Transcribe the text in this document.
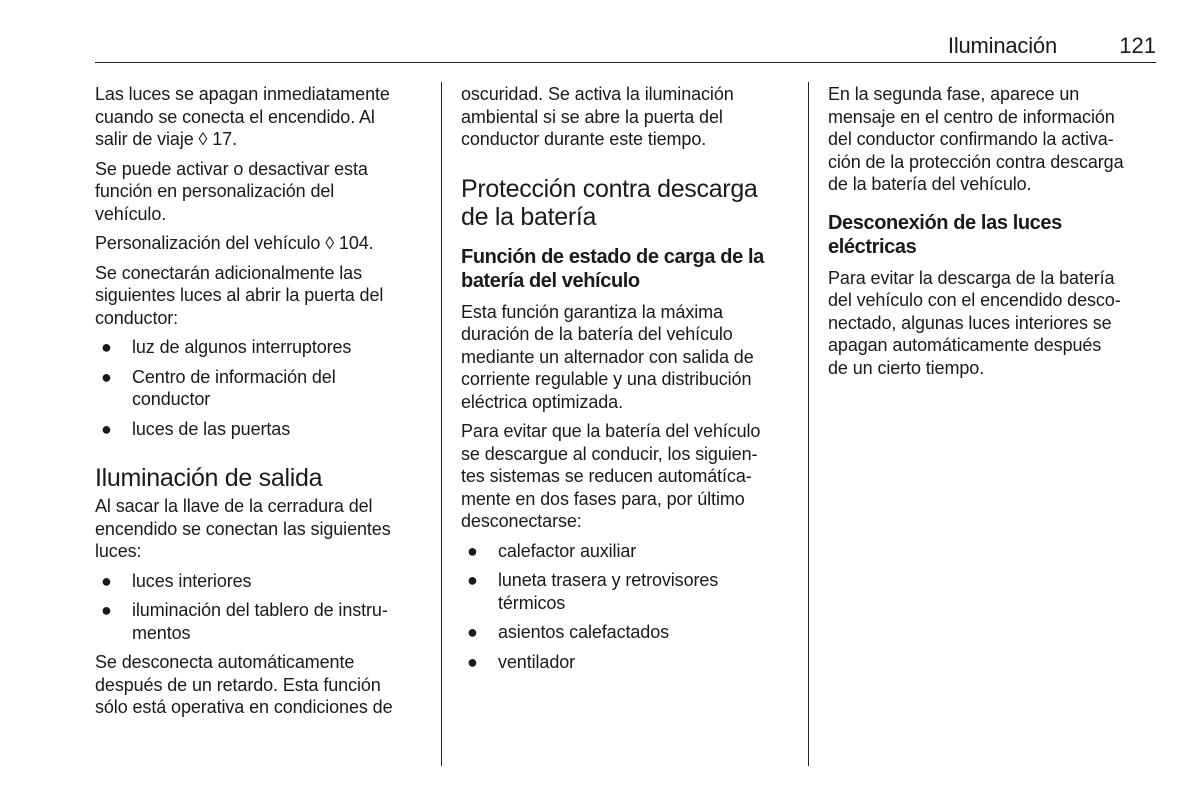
Iluminación	121

Las luces se apagan inmediatamente
cuando se conecta el encendido. Al
salir de viaje ◊ 17.

Se puede activar o desactivar esta
función en personalización del
vehículo.

Personalización del vehículo ◊ 104.

Se conectarán adicionalmente las
siguientes luces al abrir la puerta del
conductor:

● luz de algunos interruptores
● Centro de información del
conductor
● luces de las puertas
Iluminación de salida

Al sacar la llave de la cerradura del
encendido se conectan las siguientes
luces:

● luces interiores
● iluminación del tablero de instru-
mentos

Se desconecta automáticamente
después de un retardo. Esta función
sólo está operativa en condiciones de

oscuridad. Se activa la iluminación
ambiental si se abre la puerta del
conductor durante este tiempo.

Protección contra descarga
de la batería
Función de estado de carga de la
batería del vehículo

Esta función garantiza la máxima
duración de la batería del vehículo
mediante un alternador con salida de
corriente regulable y una distribución
eléctrica optimizada.

Para evitar que la batería del vehículo
se descargue al conducir, los siguien-
tes sistemas se reducen automátíca-
mente en dos fases para, por último
desconectarse:

● calefactor auxiliar
● luneta trasera y retrovisores
térmicos
● asientos calefactados
● ventilador

En la segunda fase, aparece un
mensaje en el centro de información
del conductor confirmando la activa-
ción de la protección contra descarga
de la batería del vehículo.

Desconexión de las luces
eléctricas

Para evitar la descarga de la batería
del vehículo con el encendido desco-
nectado, algunas luces interiores se
apagan automáticamente después
de un cierto tiempo.
